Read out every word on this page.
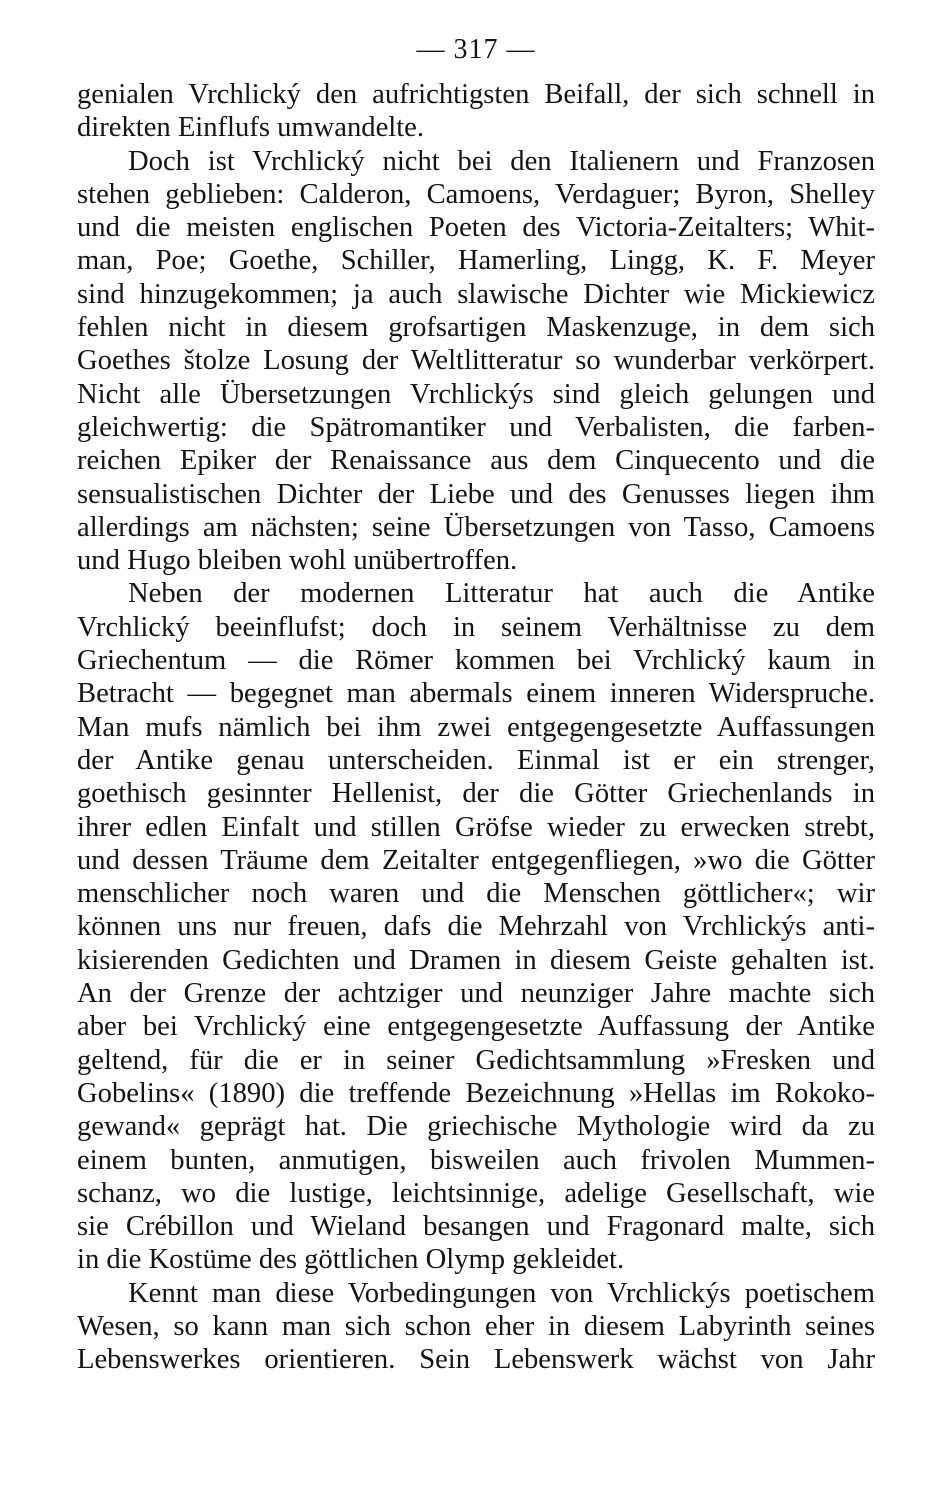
— 317 —
genialen Vrchlický den aufrichtigsten Beifall, der sich schnell in
direkten Einflufs umwandelte.
Doch ist Vrchlický nicht bei den Italienern und Franzosen
stehen geblieben: Calderon, Camoens, Verdaguer; Byron, Shelley
und die meisten englischen Poeten des Victoria-Zeitalters; Whit-
man, Poe; Goethe, Schiller, Hamerling, Lingg, K. F. Meyer
sind hinzugekommen; ja auch slawische Dichter wie Mickiewicz
fehlen nicht in diesem grofsartigen Maskenzuge, in dem sich
Goethes štolze Losung der Weltlitteratur so wunderbar verkörpert.
Nicht alle Übersetzungen Vrchlickýs sind gleich gelungen und
gleichwertig: die Spätromantiker und Verbalisten, die farben-
reichen Epiker der Renaissance aus dem Cinquecento und die
sensualistischen Dichter der Liebe und des Genusses liegen ihm
allerdings am nächsten; seine Übersetzungen von Tasso, Camoens
und Hugo bleiben wohl unübertroffen.
Neben der modernen Litteratur hat auch die Antike
Vrchlický beeinflufst; doch in seinem Verhältnisse zu dem
Griechentum — die Römer kommen bei Vrchlický kaum in
Betracht — begegnet man abermals einem inneren Widerspruche.
Man mufs nämlich bei ihm zwei entgegengesetzte Auffassungen
der Antike genau unterscheiden. Einmal ist er ein strenger,
goethisch gesinnter Hellenist, der die Götter Griechenlands in
ihrer edlen Einfalt und stillen Gröfse wieder zu erwecken strebt,
und dessen Träume dem Zeitalter entgegenfliegen, »wo die Götter
menschlicher noch waren und die Menschen göttlicher«; wir
können uns nur freuen, dafs die Mehrzahl von Vrchlickýs anti-
kisierenden Gedichten und Dramen in diesem Geiste gehalten ist.
An der Grenze der achtziger und neunziger Jahre machte sich
aber bei Vrchlický eine entgegengesetzte Auffassung der Antike
geltend, für die er in seiner Gedichtsammlung »Fresken und
Gobelins« (1890) die treffende Bezeichnung »Hellas im Rokoko-
gewand« geprägt hat. Die griechische Mythologie wird da zu
einem bunten, anmutigen, bisweilen auch frivolen Mummen-
schanz, wo die lustige, leichtsinnige, adelige Gesellschaft, wie
sie Crébillon und Wieland besangen und Fragonard malte, sich
in die Kostüme des göttlichen Olymp gekleidet.
Kennt man diese Vorbedingungen von Vrchlickýs poetischem
Wesen, so kann man sich schon eher in diesem Labyrinth seines
Lebenswerkes orientieren. Sein Lebenswerk wächst von Jahr
